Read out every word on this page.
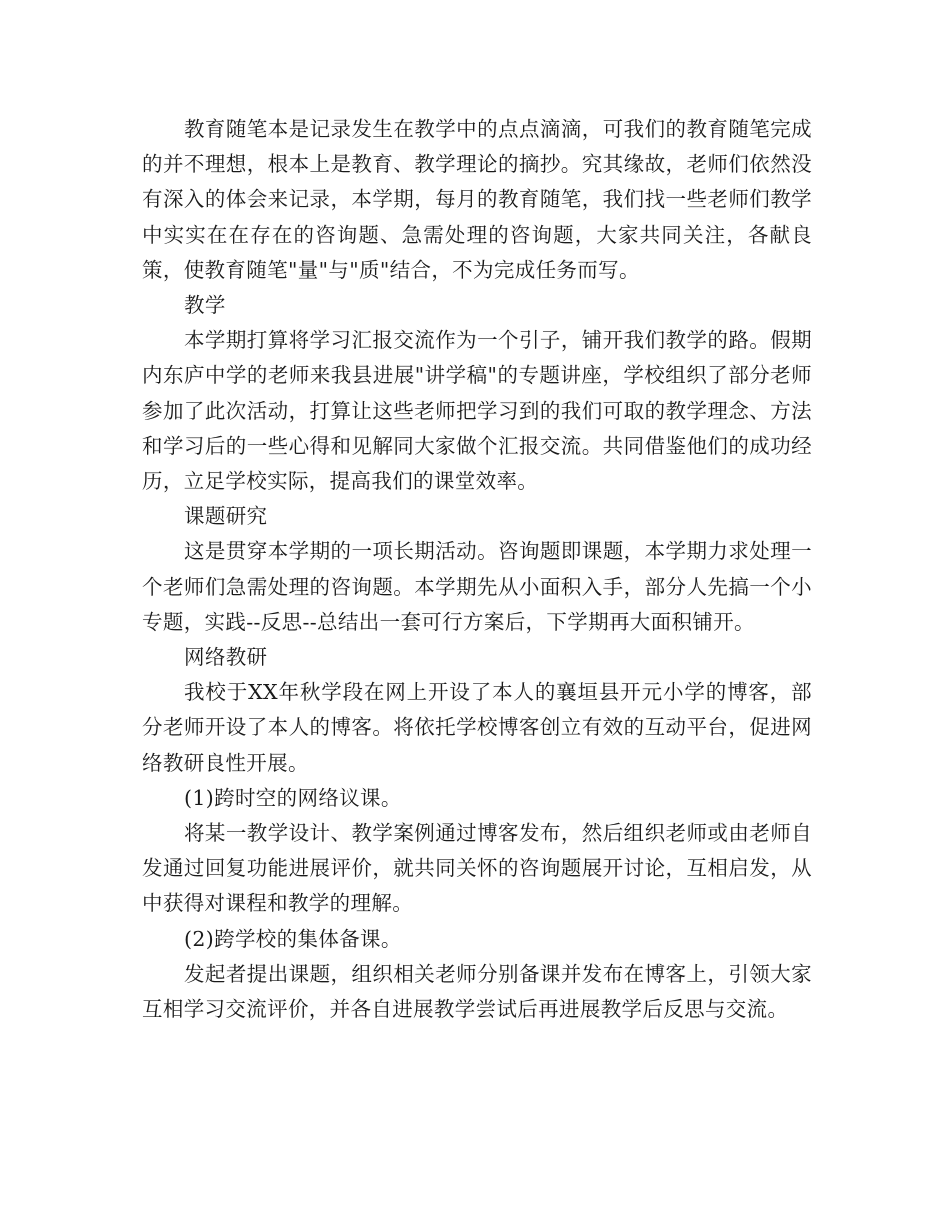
教育随笔本是记录发生在教学中的点点滴滴，可我们的教育随笔完成的并不理想，根本上是教育、教学理论的摘抄。究其缘故，老师们依然没有深入的体会来记录，本学期，每月的教育随笔，我们找一些老师们教学中实实在在存在的咨询题、急需处理的咨询题，大家共同关注，各献良策，使教育随笔"量"与"质"结合，不为完成任务而写。

教学

本学期打算将学习汇报交流作为一个引子，铺开我们教学的路。假期内东庐中学的老师来我县进展"讲学稿"的专题讲座，学校组织了部分老师参加了此次活动，打算让这些老师把学习到的我们可取的教学理念、方法和学习后的一些心得和见解同大家做个汇报交流。共同借鉴他们的成功经历，立足学校实际，提高我们的课堂效率。

课题研究

这是贯穿本学期的一项长期活动。咨询题即课题，本学期力求处理一个老师们急需处理的咨询题。本学期先从小面积入手，部分人先搞一个小专题，实践--反思--总结出一套可行方案后，下学期再大面积铺开。

网络教研

我校于XX年秋学段在网上开设了本人的襄垣县开元小学的博客，部分老师开设了本人的博客。将依托学校博客创立有效的互动平台，促进网络教研良性开展。

(1)跨时空的网络议课。

将某一教学设计、教学案例通过博客发布，然后组织老师或由老师自发通过回复功能进展评价，就共同关怀的咨询题展开讨论，互相启发，从中获得对课程和教学的理解。

(2)跨学校的集体备课。

发起者提出课题，组织相关老师分别备课并发布在博客上，引领大家互相学习交流评价，并各自进展教学尝试后再进展教学后反思与交流。
